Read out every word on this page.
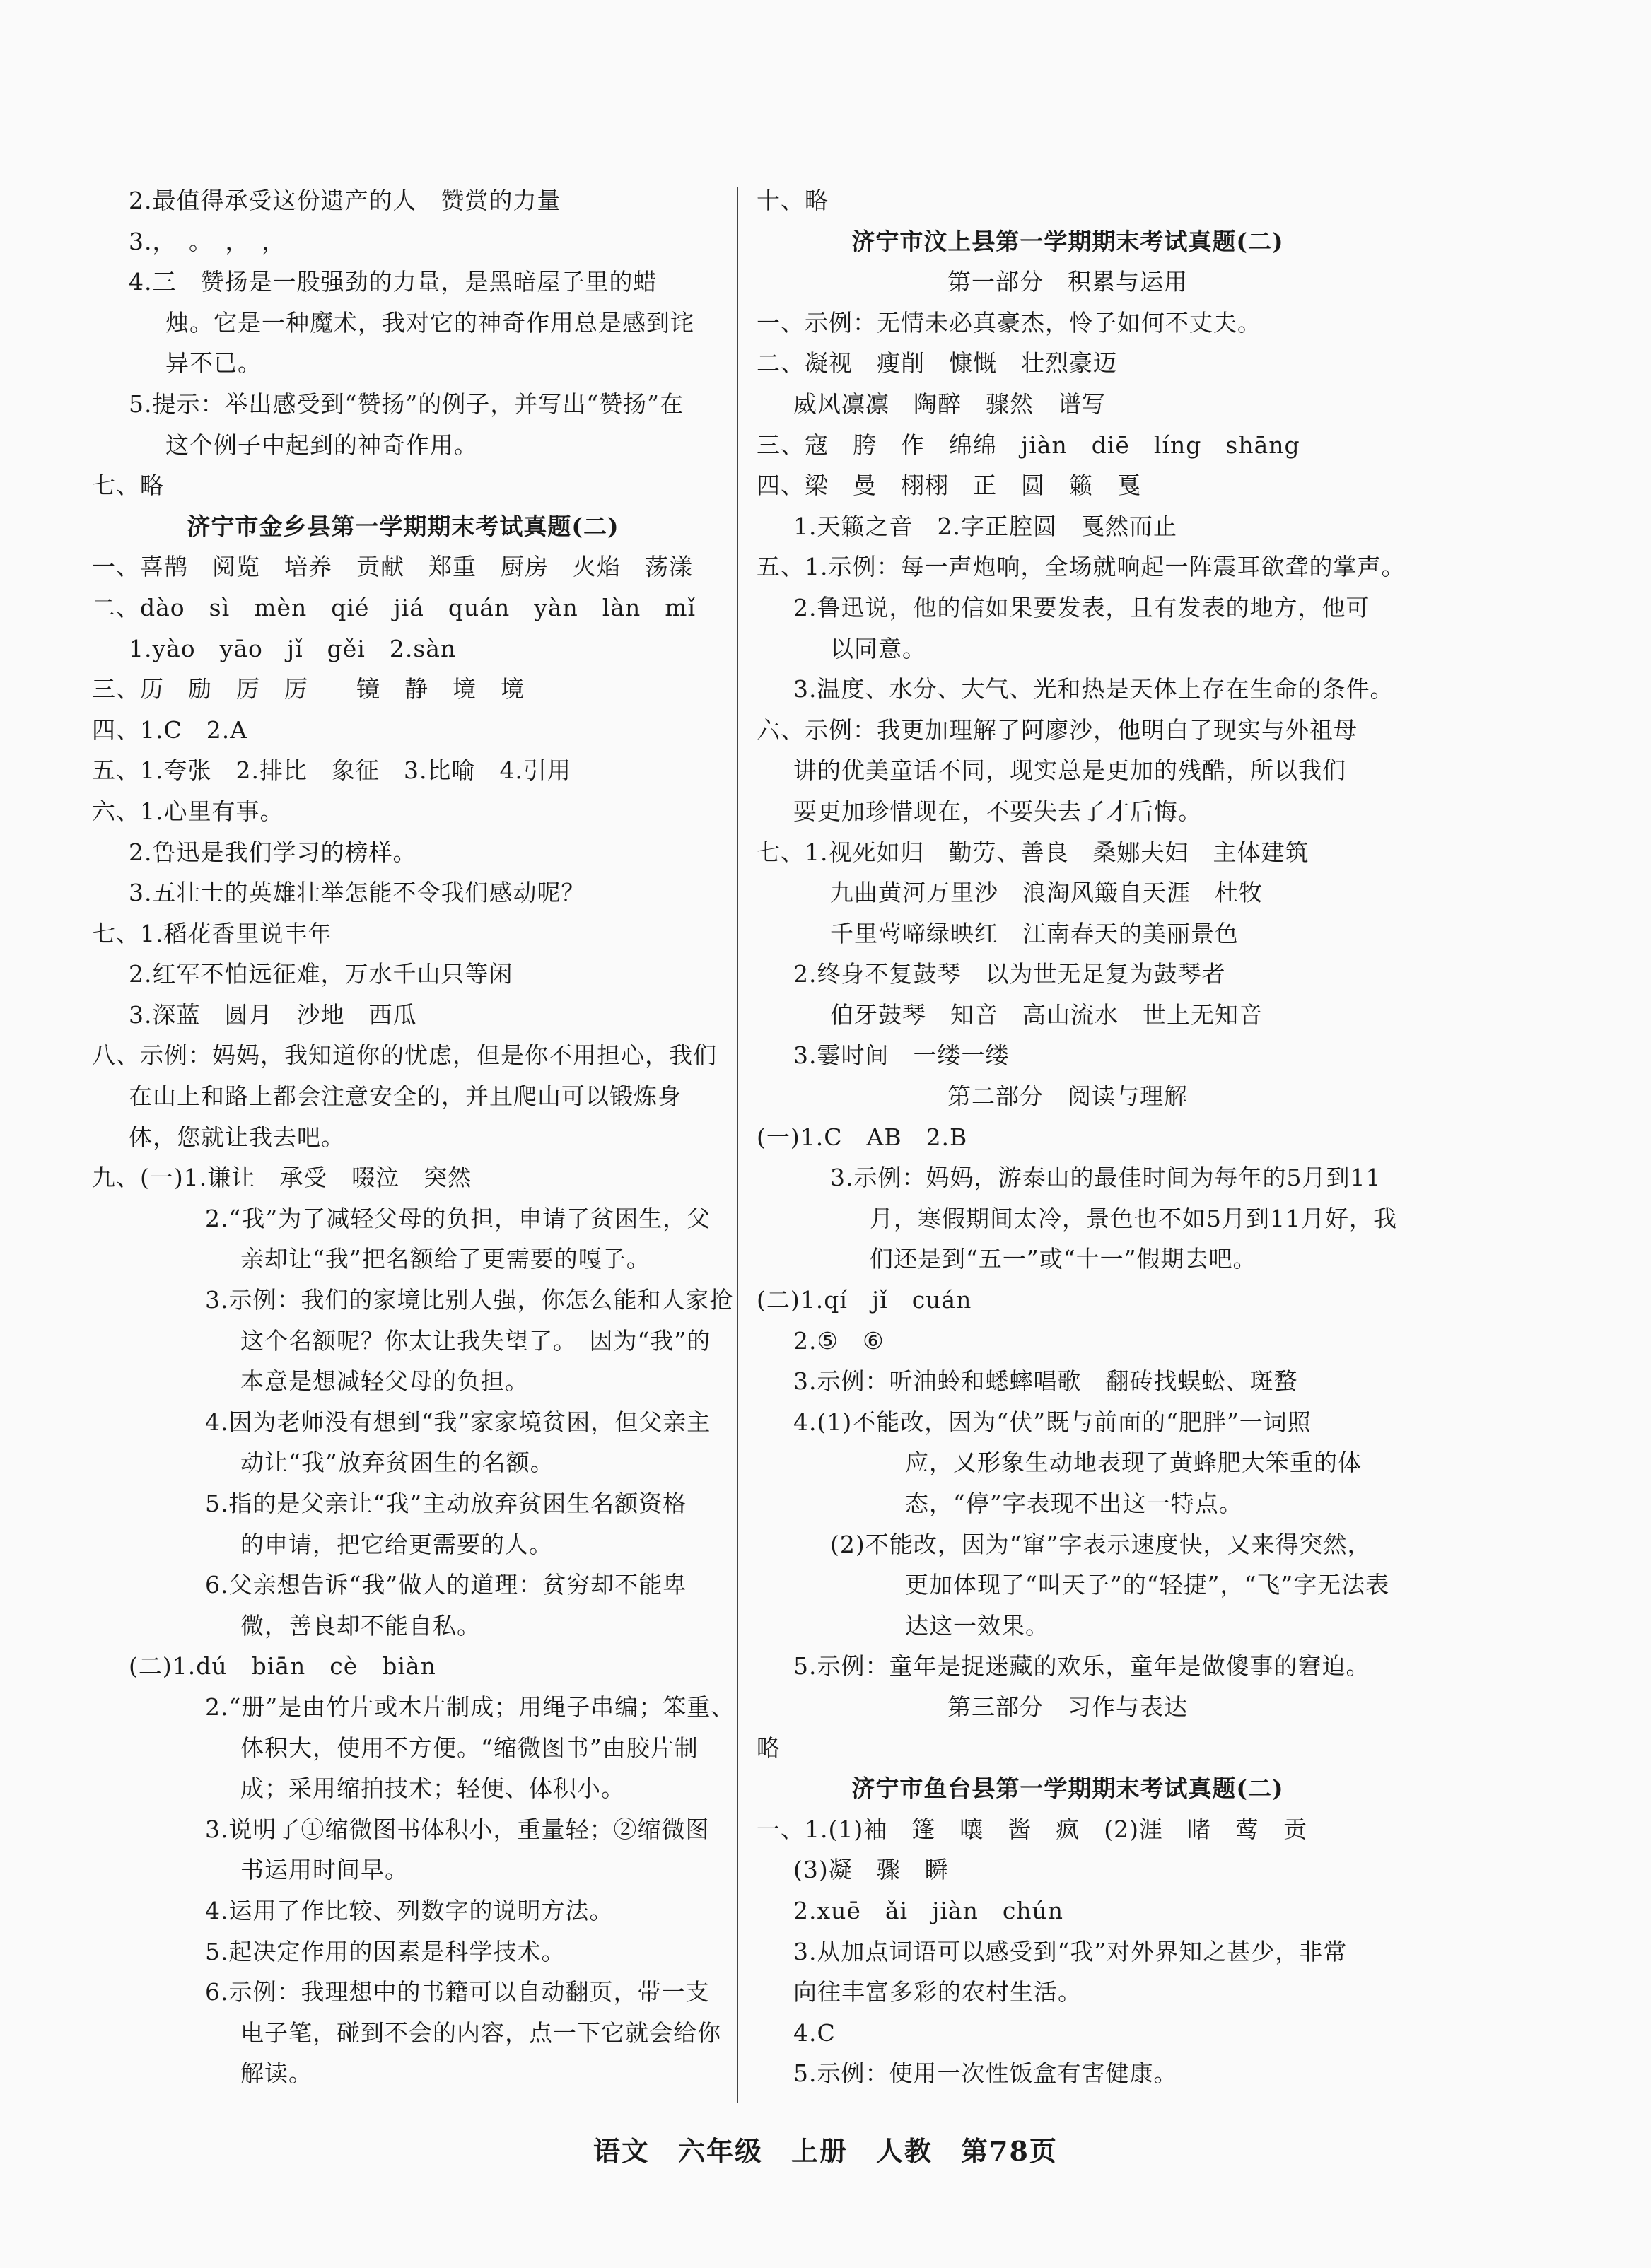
2.最值得承受这份遗产的人　赞赏的力量
3.，　。　，　，
4.三　赞扬是一股强劲的力量，是黑暗屋子里的蜡
烛。它是一种魔术，我对它的神奇作用总是感到诧
异不已。
5.提示：举出感受到“赞扬”的例子，并写出“赞扬”在
这个例子中起到的神奇作用。
七、略
济宁市金乡县第一学期期末考试真题(二)
一、喜鹊　阅览　培养　贡献　郑重　厨房　火焰　荡漾
二、dào　sì　mèn　qié　jiá　quán　yàn　làn　mǐ
1.yào　yāo　jǐ　gěi　2.sàn
三、历　励　厉　厉　　镜　静　境　境
四、1.C　2.A
五、1.夸张　2.排比　象征　3.比喻　4.引用
六、1.心里有事。
2.鲁迅是我们学习的榜样。
3.五壮士的英雄壮举怎能不令我们感动呢？
七、1.稻花香里说丰年
2.红军不怕远征难，万水千山只等闲
3.深蓝　圆月　沙地　西瓜
八、示例：妈妈，我知道你的忧虑，但是你不用担心，我们
在山上和路上都会注意安全的，并且爬山可以锻炼身
体，您就让我去吧。
九、(一)1.谦让　承受　啜泣　突然
2.“我”为了减轻父母的负担，申请了贫困生，父
亲却让“我”把名额给了更需要的嘎子。
3.示例：我们的家境比别人强，你怎么能和人家抢
这个名额呢？你太让我失望了。　因为“我”的
本意是想减轻父母的负担。
4.因为老师没有想到“我”家家境贫困，但父亲主
动让“我”放弃贫困生的名额。
5.指的是父亲让“我”主动放弃贫困生名额资格
的申请，把它给更需要的人。
6.父亲想告诉“我”做人的道理：贫穷却不能卑
微，善良却不能自私。
(二)1.dú　biān　cè　biàn
2.“册”是由竹片或木片制成；用绳子串编；笨重、
体积大，使用不方便。“缩微图书”由胶片制
成；采用缩拍技术；轻便、体积小。
3.说明了①缩微图书体积小，重量轻；②缩微图
书运用时间早。
4.运用了作比较、列数字的说明方法。
5.起决定作用的因素是科学技术。
6.示例：我理想中的书籍可以自动翻页，带一支
电子笔，碰到不会的内容，点一下它就会给你
解读。
十、略
济宁市汶上县第一学期期末考试真题(二)
第一部分　积累与运用
一、示例：无情未必真豪杰，怜子如何不丈夫。
二、凝视　瘦削　慷慨　壮烈豪迈
威风凛凛　陶醉　骤然　谱写
三、寇　胯　作　绵绵　jiàn　diē　líng　shāng
四、梁　曼　栩栩　正　圆　籁　戛
1.天籁之音　2.字正腔圆　戛然而止
五、1.示例：每一声炮响，全场就响起一阵震耳欲聋的掌声。
2.鲁迅说，他的信如果要发表，且有发表的地方，他可
以同意。
3.温度、水分、大气、光和热是天体上存在生命的条件。
六、示例：我更加理解了阿廖沙，他明白了现实与外祖母
讲的优美童话不同，现实总是更加的残酷，所以我们
要更加珍惜现在，不要失去了才后悔。
七、1.视死如归　勤劳、善良　桑娜夫妇　主体建筑
九曲黄河万里沙　浪淘风簸自天涯　杜牧
千里莺啼绿映红　江南春天的美丽景色
2.终身不复鼓琴　以为世无足复为鼓琴者
伯牙鼓琴　知音　高山流水　世上无知音
3.霎时间　一缕一缕
第二部分　阅读与理解
(一)1.C　AB　2.B
3.示例：妈妈，游泰山的最佳时间为每年的5月到11
月，寒假期间太冷，景色也不如5月到11月好，我
们还是到“五一”或“十一”假期去吧。
(二)1.qí　jǐ　cuán
2.⑤　⑥
3.示例：听油蛉和蟋蟀唱歌　翻砖找蜈蚣、斑蝥
4.(1)不能改，因为“伏”既与前面的“肥胖”一词照
应，又形象生动地表现了黄蜂肥大笨重的体
态，“停”字表现不出这一特点。
(2)不能改，因为“窜”字表示速度快，又来得突然，
更加体现了“叫天子”的“轻捷”，“飞”字无法表
达这一效果。
5.示例：童年是捉迷藏的欢乐，童年是做傻事的窘迫。
第三部分　习作与表达
略
济宁市鱼台县第一学期期末考试真题(二)
一、1.(1)袖　篷　嚷　酱　疯　(2)涯　睹　莺　贡
(3)凝　骤　瞬
2.xuē　ǎi　jiàn　chún
3.从加点词语可以感受到“我”对外界知之甚少，非常
向往丰富多彩的农村生活。
4.C
5.示例：使用一次性饭盒有害健康。
语文　六年级　上册　人教　第78页
